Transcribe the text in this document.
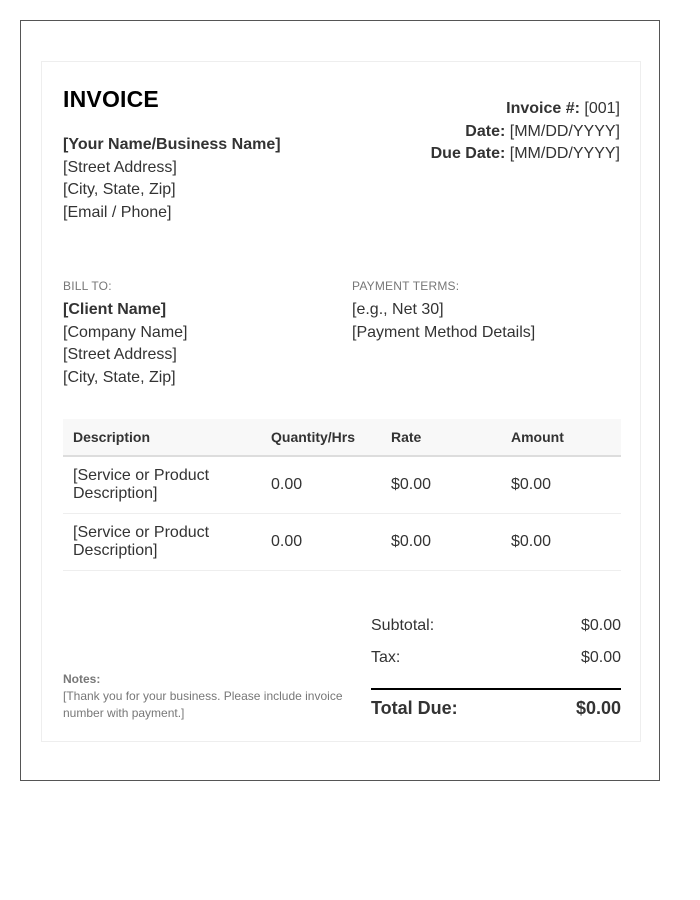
INVOICE
[Your Name/Business Name]
[Street Address]
[City, State, Zip]
[Email / Phone]
Invoice #: [001]
Date: [MM/DD/YYYY]
Due Date: [MM/DD/YYYY]
BILL TO:
[Client Name]
[Company Name]
[Street Address]
[City, State, Zip]
PAYMENT TERMS:
[e.g., Net 30]
[Payment Method Details]
Description	Quantity/Hrs	Rate	Amount
[Service or Product Description]	0.00	$0.00	$0.00
[Service or Product Description]	0.00	$0.00	$0.00
Notes:
[Thank you for your business. Please include invoice number with payment.]
Subtotal:	$0.00
Tax:	$0.00
Total Due:	$0.00
